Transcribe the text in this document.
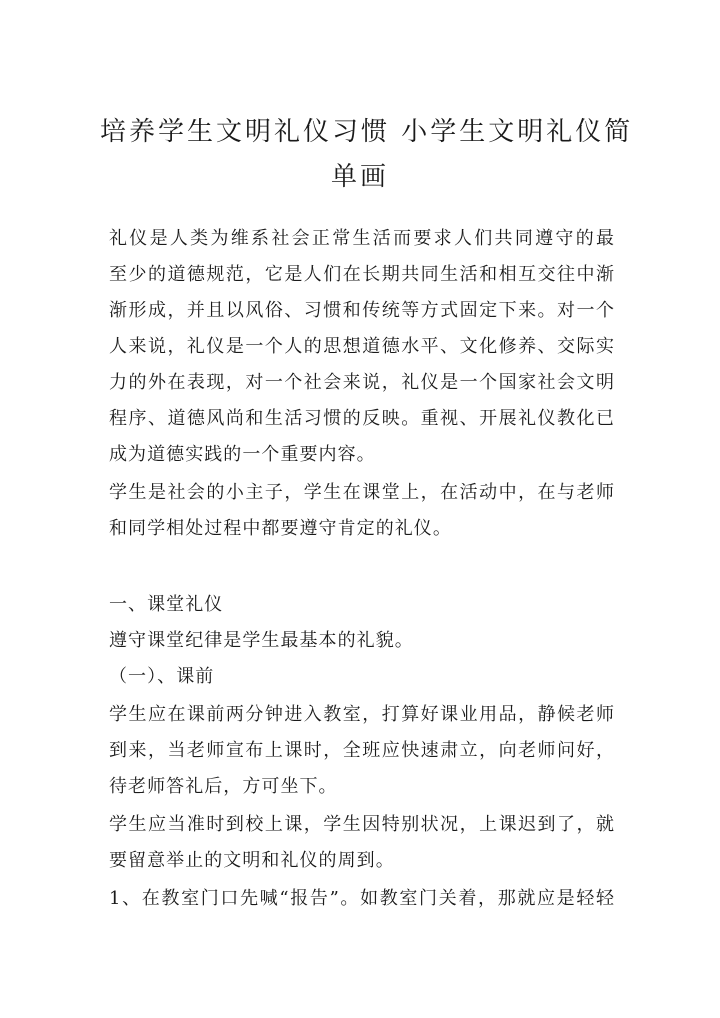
培养学生文明礼仪习惯 小学生文明礼仪简
单画
礼仪是人类为维系社会正常生活而要求人们共同遵守的最
至少的道德规范，它是人们在长期共同生活和相互交往中渐
渐形成，并且以风俗、习惯和传统等方式固定下来。对一个
人来说，礼仪是一个人的思想道德水平、文化修养、交际实
力的外在表现，对一个社会来说，礼仪是一个国家社会文明
程序、道德风尚和生活习惯的反映。重视、开展礼仪教化已
成为道德实践的一个重要内容。
学生是社会的小主子，学生在课堂上，在活动中，在与老师
和同学相处过程中都要遵守肯定的礼仪。
一、课堂礼仪
遵守课堂纪律是学生最基本的礼貌。
（一）、课前
学生应在课前两分钟进入教室，打算好课业用品，静候老师
到来，当老师宣布上课时，全班应快速肃立，向老师问好，
待老师答礼后，方可坐下。
学生应当准时到校上课，学生因特别状况，上课迟到了，就
要留意举止的文明和礼仪的周到。
1、在教室门口先喊“报告”。如教室门关着，那就应是轻轻
